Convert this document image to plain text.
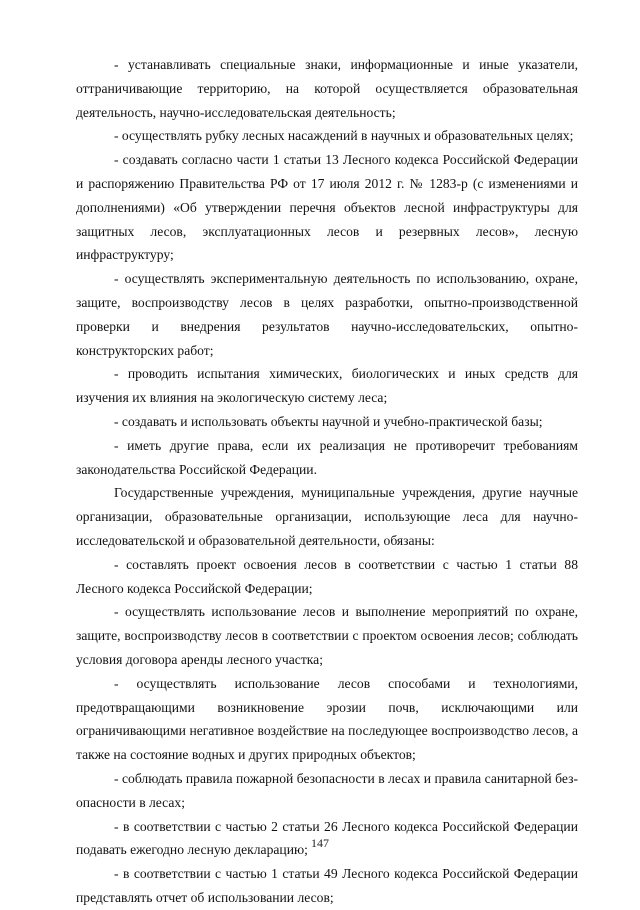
- устанавливать специальные знаки, информационные и иные указатели, оттраничивающие территорию, на которой осуществляется образовательная деятельность, научно-исследовательская деятельность;

- осуществлять рубку лесных насаждений в научных и образовательных целях;

- создавать согласно части 1 статьи 13 Лесного кодекса Российской Федерации и распоряжению Правительства РФ от 17 июля 2012 г. № 1283-р (с изменениями и дополнениями) «Об утверждении перечня объектов лесной инфраструктуры для защитных лесов, эксплуатационных лесов и резервных лесов», лесную инфраструктуру;

- осуществлять экспериментальную деятельность по использованию, охране, защите, воспроизводству лесов в целях разработки, опытно-производственной проверки и внедрения результатов научно-исследовательских, опытно-конструкторских работ;

- проводить испытания химических, биологических и иных средств для изучения их влияния на экологическую систему леса;

- создавать и использовать объекты научной и учебно-практической базы;

- иметь другие права, если их реализация не противоречит требованиям законодательства Российской Федерации.

Государственные учреждения, муниципальные учреждения, другие научные организации, образовательные организации, использующие леса для научно-исследовательской и образовательной деятельности, обязаны:

- составлять проект освоения лесов в соответствии с частью 1 статьи 88 Лесного кодекса Российской Федерации;

- осуществлять использование лесов и выполнение мероприятий по охране, защите, воспроизводству лесов в соответствии с проектом освоения лесов; соблюдать условия договора аренды лесного участка;

- осуществлять использование лесов способами и технологиями, предотвращающими возникновение эрозии почв, исключающими или ограничивающими негативное воздействие на последующее воспроизводство лесов, а также на состояние водных и других природных объектов;

- соблюдать правила пожарной безопасности в лесах и правила санитарной безопасности в лесах;

- в соответствии с частью 2 статьи 26 Лесного кодекса Российской Федерации подавать ежегодно лесную декларацию;

- в соответствии с частью 1 статьи 49 Лесного кодекса Российской Федерации представлять отчет об использовании лесов;

147
